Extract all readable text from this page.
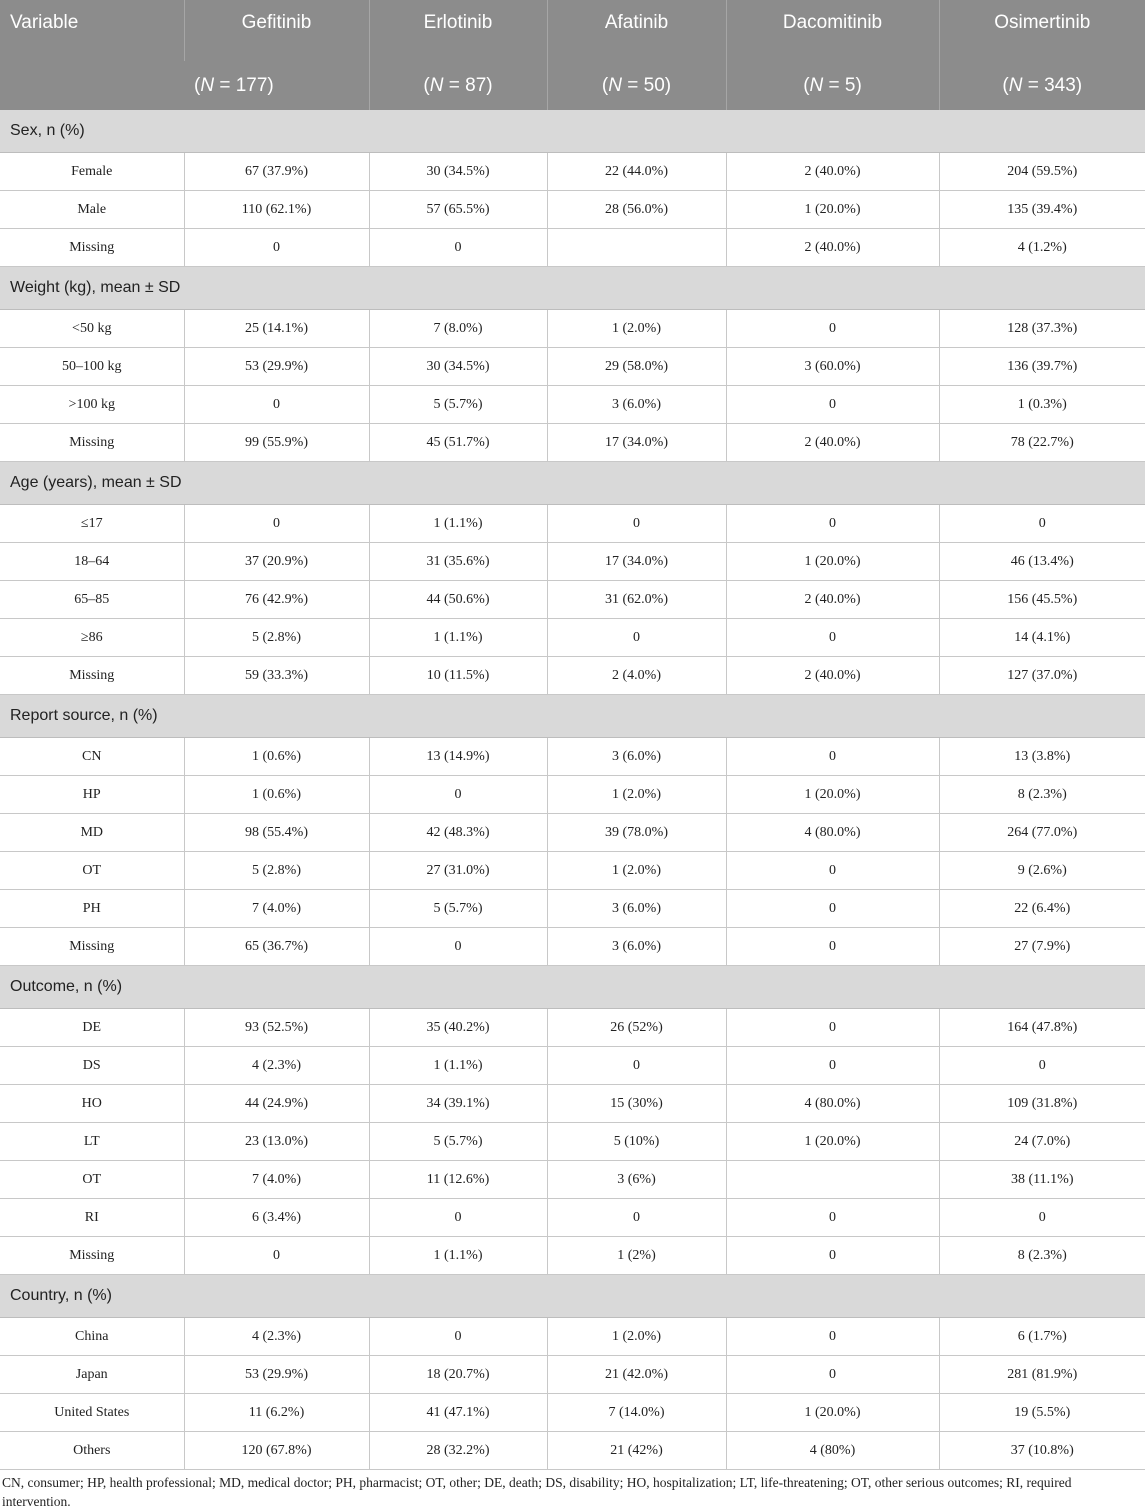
Variable	Gefitinib	Erlotinib	Afatinib	Dacomitinib	Osimertinib
	(N = 177)	(N = 87)	(N = 50)	(N = 5)	(N = 343)
Sex, n (%)					
Female	67 (37.9%)	30 (34.5%)	22 (44.0%)	2 (40.0%)	204 (59.5%)
Male	110 (62.1%)	57 (65.5%)	28 (56.0%)	1 (20.0%)	135 (39.4%)
Missing	0	0		2 (40.0%)	4 (1.2%)
Weight (kg), mean ± SD					
<50 kg	25 (14.1%)	7 (8.0%)	1 (2.0%)	0	128 (37.3%)
50–100 kg	53 (29.9%)	30 (34.5%)	29 (58.0%)	3 (60.0%)	136 (39.7%)
>100 kg	0	5 (5.7%)	3 (6.0%)	0	1 (0.3%)
Missing	99 (55.9%)	45 (51.7%)	17 (34.0%)	2 (40.0%)	78 (22.7%)
Age (years), mean ± SD					
≤17	0	1 (1.1%)	0	0	0
18–64	37 (20.9%)	31 (35.6%)	17 (34.0%)	1 (20.0%)	46 (13.4%)
65–85	76 (42.9%)	44 (50.6%)	31 (62.0%)	2 (40.0%)	156 (45.5%)
≥86	5 (2.8%)	1 (1.1%)	0	0	14 (4.1%)
Missing	59 (33.3%)	10 (11.5%)	2 (4.0%)	2 (40.0%)	127 (37.0%)
Report source, n (%)					
CN	1 (0.6%)	13 (14.9%)	3 (6.0%)	0	13 (3.8%)
HP	1 (0.6%)	0	1 (2.0%)	1 (20.0%)	8 (2.3%)
MD	98 (55.4%)	42 (48.3%)	39 (78.0%)	4 (80.0%)	264 (77.0%)
OT	5 (2.8%)	27 (31.0%)	1 (2.0%)	0	9 (2.6%)
PH	7 (4.0%)	5 (5.7%)	3 (6.0%)	0	22 (6.4%)
Missing	65 (36.7%)	0	3 (6.0%)	0	27 (7.9%)
Outcome, n (%)					
DE	93 (52.5%)	35 (40.2%)	26 (52%)	0	164 (47.8%)
DS	4 (2.3%)	1 (1.1%)	0	0	0
HO	44 (24.9%)	34 (39.1%)	15 (30%)	4 (80.0%)	109 (31.8%)
LT	23 (13.0%)	5 (5.7%)	5 (10%)	1 (20.0%)	24 (7.0%)
OT	7 (4.0%)	11 (12.6%)	3 (6%)		38 (11.1%)
RI	6 (3.4%)	0	0	0	0
Missing	0	1 (1.1%)	1 (2%)	0	8 (2.3%)
Country, n (%)					
China	4 (2.3%)	0	1 (2.0%)	0	6 (1.7%)
Japan	53 (29.9%)	18 (20.7%)	21 (42.0%)	0	281 (81.9%)
United States	11 (6.2%)	41 (47.1%)	7 (14.0%)	1 (20.0%)	19 (5.5%)
Others	120 (67.8%)	28 (32.2%)	21 (42%)	4 (80%)	37 (10.8%)
CN, consumer; HP, health professional; MD, medical doctor; PH, pharmacist; OT, other; DE, death; DS, disability; HO, hospitalization; LT, life-threatening; OT, other serious outcomes; RI, required intervention.
